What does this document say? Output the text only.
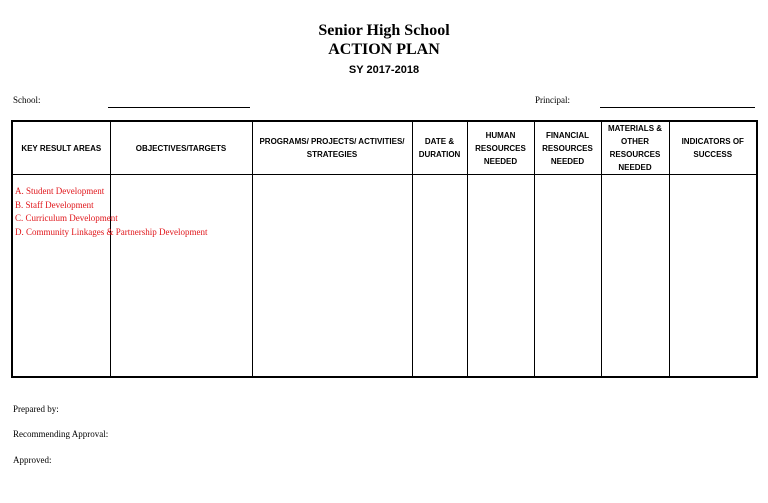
Senior High School
ACTION PLAN
SY 2017-2018
School:	Principal:
KEY RESULT AREAS	OBJECTIVES/TARGETS	PROGRAMS/ PROJECTS/ ACTIVITIES/ STRATEGIES	DATE & DURATION	HUMAN RESOURCES NEEDED	FINANCIAL RESOURCES NEEDED	MATERIALS & OTHER RESOURCES NEEDED	INDICATORS OF SUCCESS

A. Student Development
B. Staff Development
C. Curriculum Development
D. Community Linkages & Partnership Development							

Prepared by:
Recommending Approval:
Approved:
